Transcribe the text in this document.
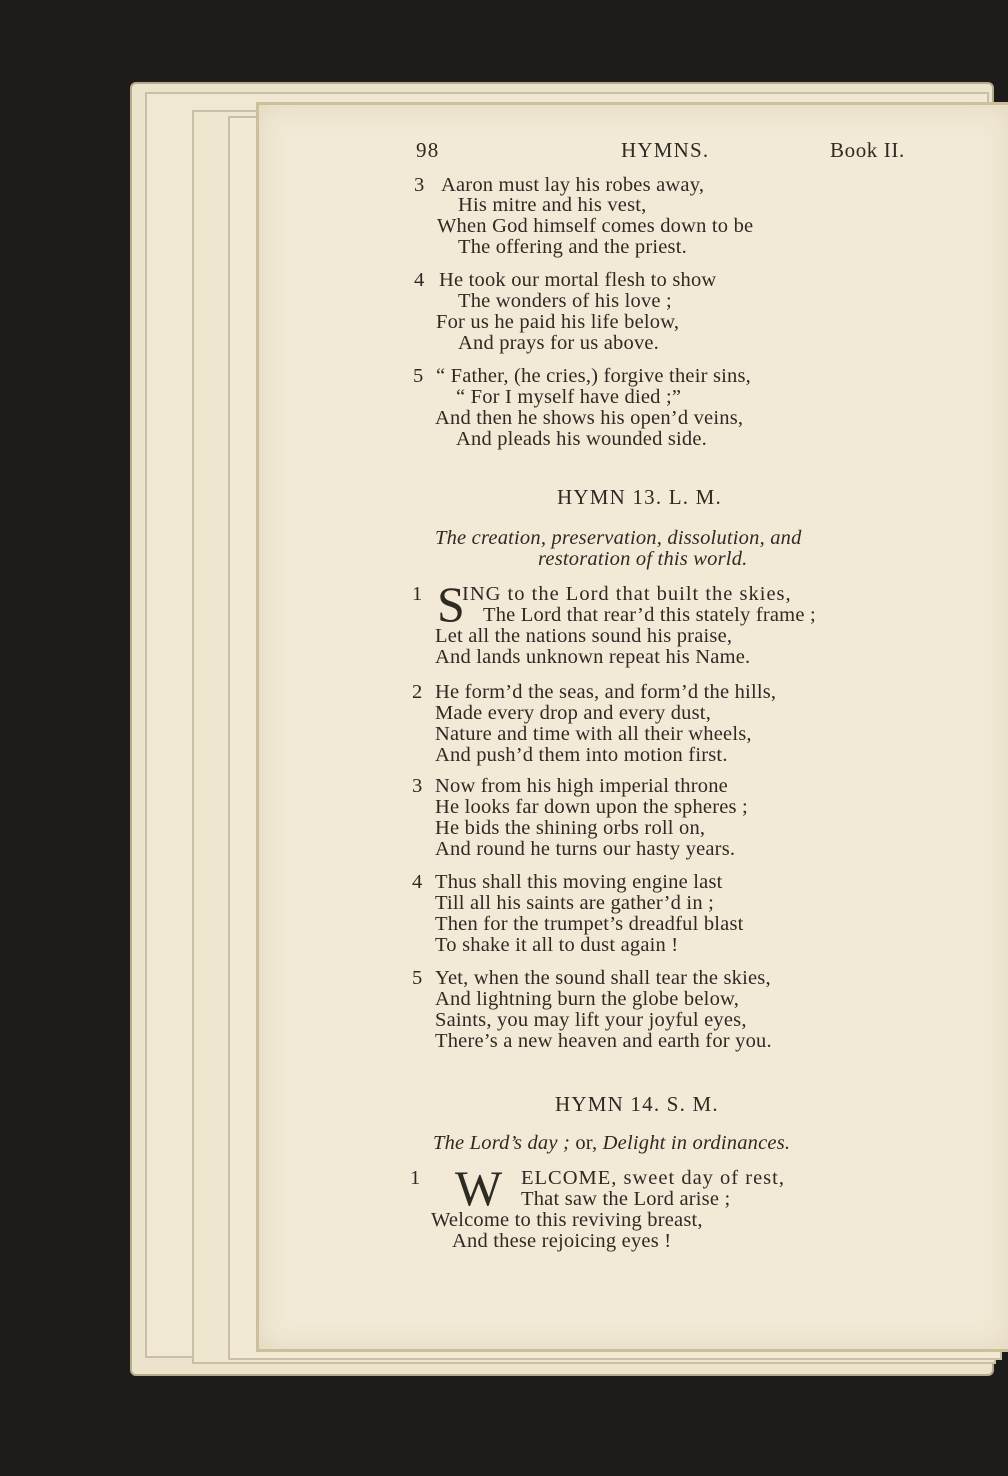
98	HYMNS.	Book II.
3 Aaron must lay his robes away,
His mitre and his vest,
When God himself comes down to be
The offering and the priest.
4 He took our mortal flesh to show
The wonders of his love ;
For us he paid his life below,
And prays for us above.
5 “ Father, (he cries,) forgive their sins,
“ For I myself have died ;”
And then he shows his open’d veins,
And pleads his wounded side.
HYMN 13. L. M.
The creation, preservation, dissolution, and
restoration of this world.
1 S
ING to the Lord that built the skies,
The Lord that rear’d this stately frame ;
Let all the nations sound his praise,
And lands unknown repeat his Name.
2 He form’d the seas, and form’d the hills,
Made every drop and every dust,
Nature and time with all their wheels,
And push’d them into motion first.
3 Now from his high imperial throne
He looks far down upon the spheres ;
He bids the shining orbs roll on,
And round he turns our hasty years.
4 Thus shall this moving engine last
Till all his saints are gather’d in ;
Then for the trumpet’s dreadful blast
To shake it all to dust again !
5 Yet, when the sound shall tear the skies,
And lightning burn the globe below,
Saints, you may lift your joyful eyes,
There’s a new heaven and earth for you.
HYMN 14. S. M.
The Lord’s day ; or, Delight in ordinances.
1 W ELCOME, sweet day of rest,
That saw the Lord arise ;
Welcome to this reviving breast,
And these rejoicing eyes !
